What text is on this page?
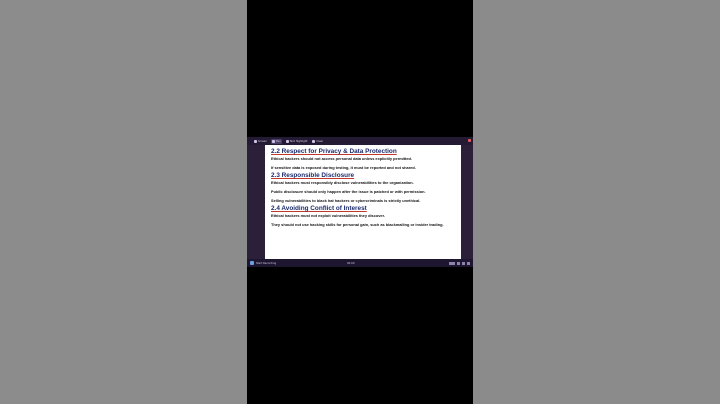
Screen	Pen	Text Highlight	Clear

2.2 Respect for Privacy & Data Protection

Ethical hackers should not access personal data unless explicitly permitted.

If sensitive data is exposed during testing, it must be reported and not shared.

2.3 Responsible Disclosure

Ethical hackers must responsibly disclose vulnerabilities to the organization.

Public disclosure should only happen after the issue is patched or with permission.

Selling vulnerabilities to black hat hackers or cybercriminals is strictly unethical.

2.4 Avoiding Conflict of Interest

Ethical hackers must not exploit vulnerabilities they discover.

They should not use hacking skills for personal gain, such as blackmailing or insider trading.

Start Recording	00:00
